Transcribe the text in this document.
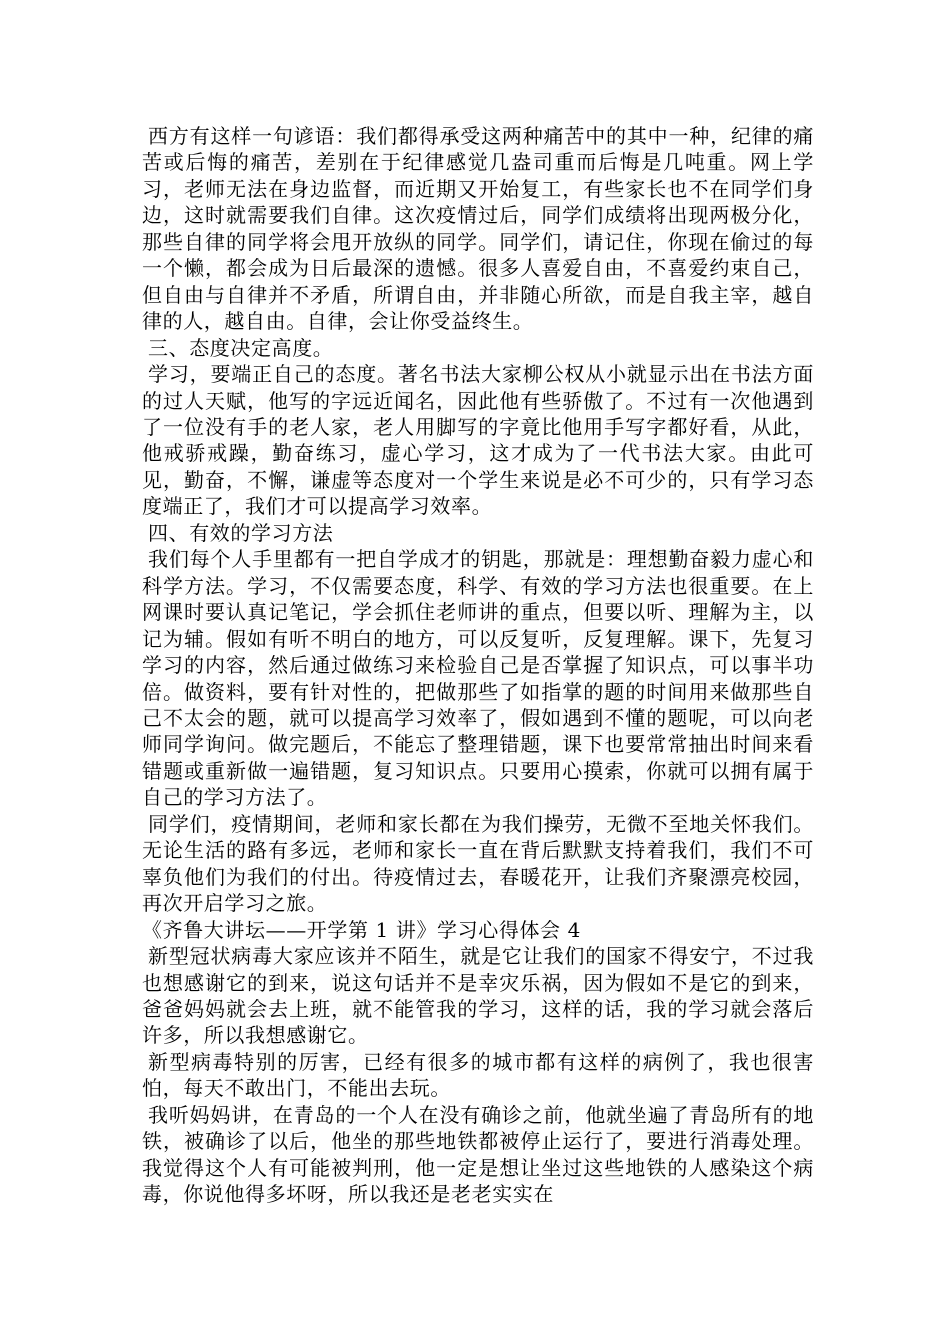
西方有这样一句谚语：我们都得承受这两种痛苦中的其中一种，纪律的痛苦或后悔的痛苦，差别在于纪律感觉几盎司重而后悔是几吨重。网上学习，老师无法在身边监督，而近期又开始复工，有些家长也不在同学们身边，这时就需要我们自律。这次疫情过后，同学们成绩将出现两极分化，那些自律的同学将会甩开放纵的同学。同学们，请记住，你现在偷过的每一个懒，都会成为日后最深的遗憾。很多人喜爱自由，不喜爱约束自己，但自由与自律并不矛盾，所谓自由，并非随心所欲，而是自我主宰，越自律的人，越自由。自律，会让你受益终生。

三、态度决定高度。

学习，要端正自己的态度。著名书法大家柳公权从小就显示出在书法方面的过人天赋，他写的字远近闻名，因此他有些骄傲了。不过有一次他遇到了一位没有手的老人家，老人用脚写的字竟比他用手写字都好看，从此，他戒骄戒躁，勤奋练习，虚心学习，这才成为了一代书法大家。由此可见，勤奋，不懈，谦虚等态度对一个学生来说是必不可少的，只有学习态度端正了，我们才可以提高学习效率。

四、有效的学习方法

我们每个人手里都有一把自学成才的钥匙，那就是：理想勤奋毅力虚心和科学方法。学习，不仅需要态度，科学、有效的学习方法也很重要。在上网课时要认真记笔记，学会抓住老师讲的重点，但要以听、理解为主，以记为辅。假如有听不明白的地方，可以反复听，反复理解。课下，先复习学习的内容，然后通过做练习来检验自己是否掌握了知识点，可以事半功倍。做资料，要有针对性的，把做那些了如指掌的题的时间用来做那些自己不太会的题，就可以提高学习效率了，假如遇到不懂的题呢，可以向老师同学询问。做完题后，不能忘了整理错题，课下也要常常抽出时间来看错题或重新做一遍错题，复习知识点。只要用心摸索，你就可以拥有属于自己的学习方法了。

同学们，疫情期间，老师和家长都在为我们操劳，无微不至地关怀我们。无论生活的路有多远，老师和家长一直在背后默默支持着我们，我们不可辜负他们为我们的付出。待疫情过去，春暖花开，让我们齐聚漂亮校园，再次开启学习之旅。

《齐鲁大讲坛——开学第 1 讲》学习心得体会 4

新型冠状病毒大家应该并不陌生，就是它让我们的国家不得安宁，不过我也想感谢它的到来，说这句话并不是幸灾乐祸，因为假如不是它的到来，爸爸妈妈就会去上班，就不能管我的学习，这样的话，我的学习就会落后许多，所以我想感谢它。

新型病毒特别的厉害，已经有很多的城市都有这样的病例了，我也很害怕，每天不敢出门，不能出去玩。

我听妈妈讲，在青岛的一个人在没有确诊之前，他就坐遍了青岛所有的地铁，被确诊了以后，他坐的那些地铁都被停止运行了，要进行消毒处理。我觉得这个人有可能被判刑，他一定是想让坐过这些地铁的人感染这个病毒，你说他得多坏呀，所以我还是老老实实在
